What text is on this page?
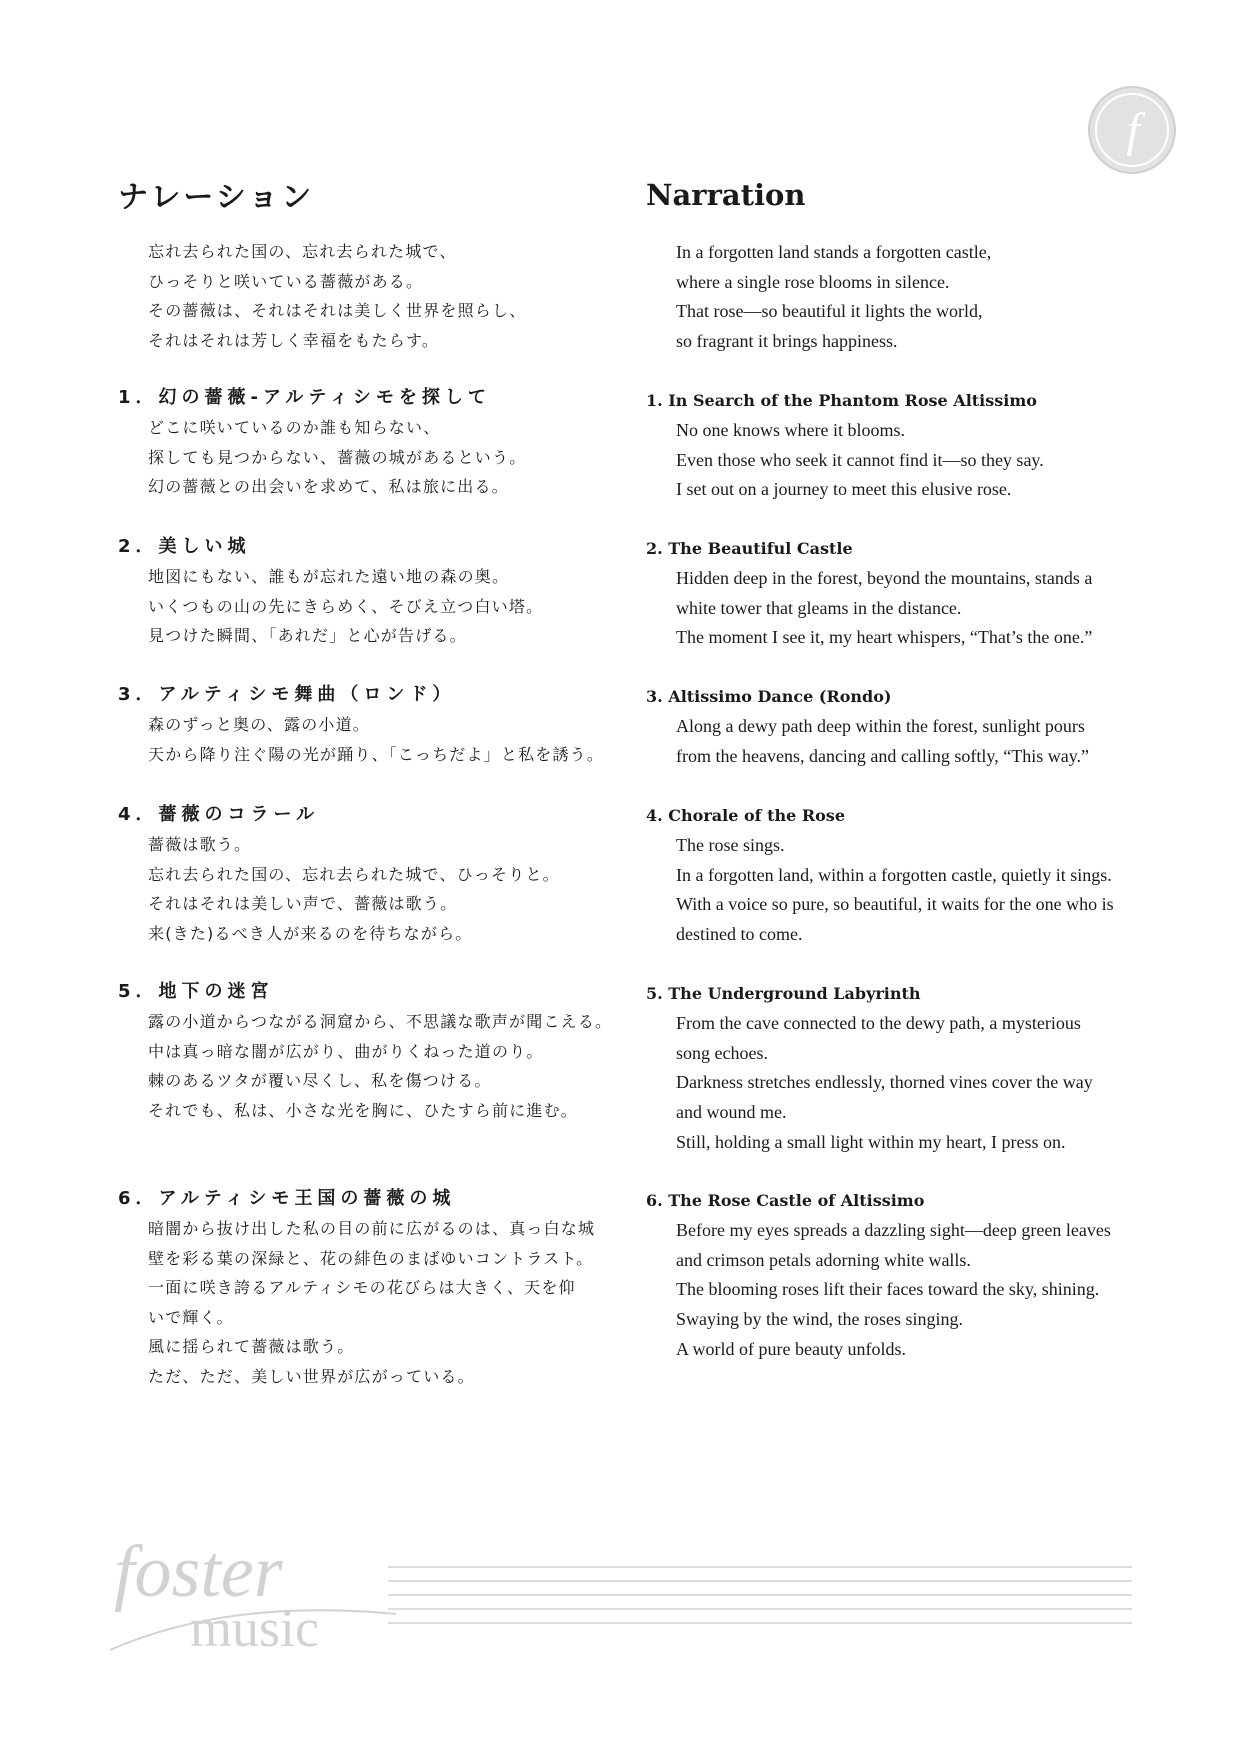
f
ナレーション

忘れ去られた国の、忘れ去られた城で、

ひっそりと咲いている薔薇がある。

その薔薇は、それはそれは美しく世界を照らし、

それはそれは芳しく幸福をもたらす。

1．幻の薔薇-アルティシモを探して

どこに咲いているのか誰も知らない、

探しても見つからない、薔薇の城があるという。

幻の薔薇との出会いを求めて、私は旅に出る。

2．美しい城

地図にもない、誰もが忘れた遠い地の森の奥。

いくつもの山の先にきらめく、そびえ立つ白い塔。

見つけた瞬間、「あれだ」と心が告げる。

3．アルティシモ舞曲（ロンド）

森のずっと奥の、露の小道。

天から降り注ぐ陽の光が踊り、「こっちだよ」と私を誘う。

4．薔薇のコラール

薔薇は歌う。

忘れ去られた国の、忘れ去られた城で、ひっそりと。

それはそれは美しい声で、薔薇は歌う。

来(きた)るべき人が来るのを待ちながら。

5．地下の迷宮

露の小道からつながる洞窟から、不思議な歌声が聞こえる。

中は真っ暗な闇が広がり、曲がりくねった道のり。

棘のあるツタが覆い尽くし、私を傷つける。

それでも、私は、小さな光を胸に、ひたすら前に進む。

6．アルティシモ王国の薔薇の城

暗闇から抜け出した私の目の前に広がるのは、真っ白な城

壁を彩る葉の深緑と、花の緋色のまばゆいコントラスト。

一面に咲き誇るアルティシモの花びらは大きく、天を仰

いで輝く。

風に揺られて薔薇は歌う。

ただ、ただ、美しい世界が広がっている。

Narration

In a forgotten land stands a forgotten castle,

where a single rose blooms in silence.

That rose—so beautiful it lights the world,

so fragrant it brings happiness.

1. In Search of the Phantom Rose Altissimo

No one knows where it blooms.

Even those who seek it cannot find it—so they say.

I set out on a journey to meet this elusive rose.

2. The Beautiful Castle

Hidden deep in the forest, beyond the mountains, stands a

white tower that gleams in the distance.

The moment I see it, my heart whispers, “That’s the one.”

3. Altissimo Dance (Rondo)

Along a dewy path deep within the forest, sunlight pours

from the heavens, dancing and calling softly, “This way.”

4. Chorale of the Rose

The rose sings.

In a forgotten land, within a forgotten castle, quietly it sings.

With a voice so pure, so beautiful, it waits for the one who is

destined to come.

5. The Underground Labyrinth

From the cave connected to the dewy path, a mysterious

song echoes.

Darkness stretches endlessly, thorned vines cover the way

and wound me.

Still, holding a small light within my heart, I press on.

6. The Rose Castle of Altissimo

Before my eyes spreads a dazzling sight—deep green leaves

and crimson petals adorning white walls.

The blooming roses lift their faces toward the sky, shining.

Swaying by the wind, the roses singing.

A world of pure beauty unfolds.

foster
music
